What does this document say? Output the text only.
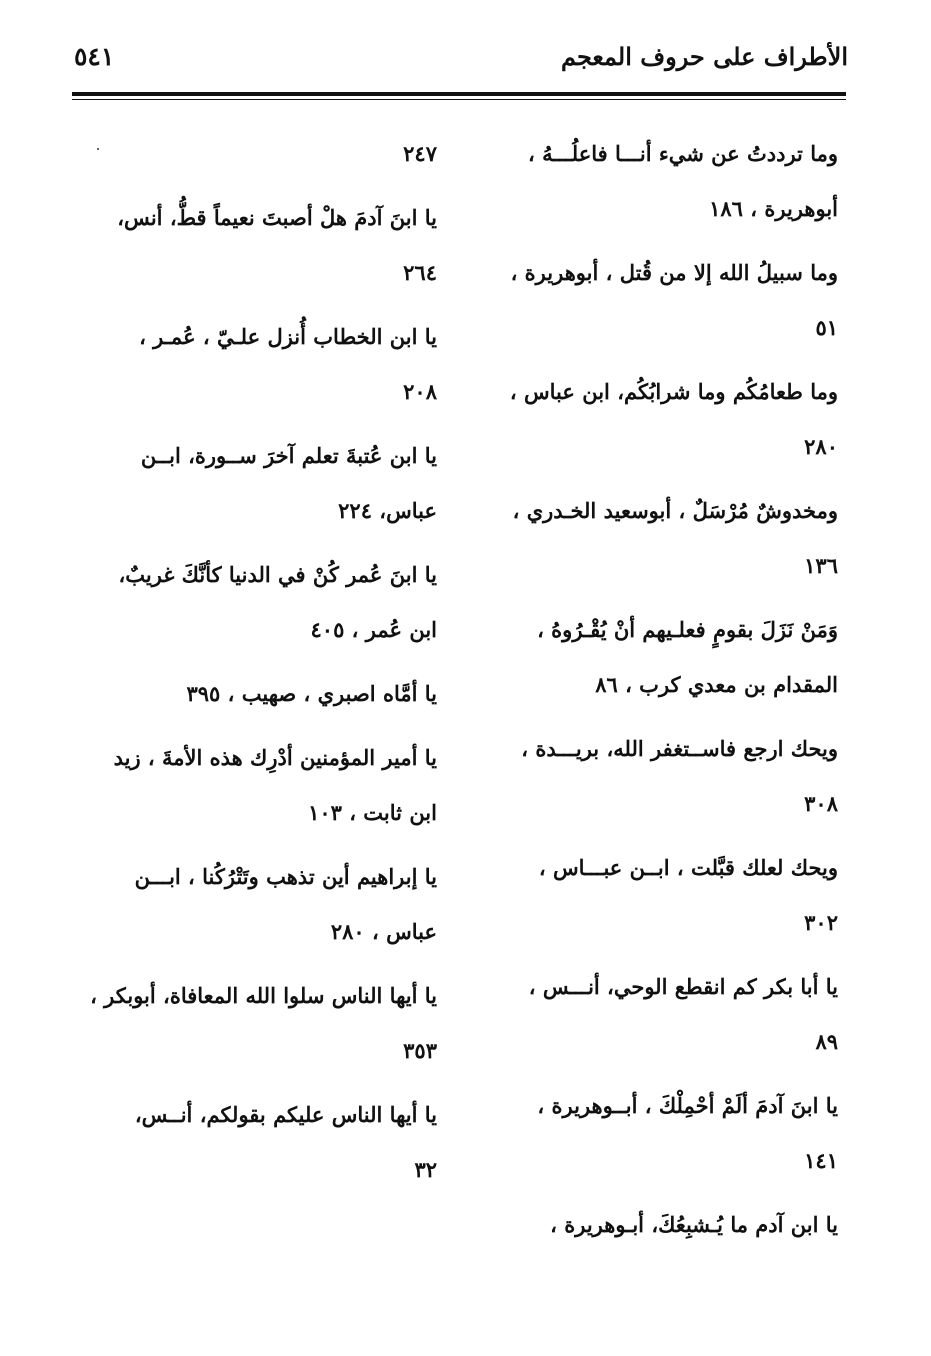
الأطراف على حروف المعجم
٥٤١
وما ترددتُ عن شيء أنـــا فاعلُـــهُ ،
أبوهريرة ، ١٨٦
وما سبيلُ الله إلا من قُتل ، أبوهريرة ،
٥١
وما طعامُكُم وما شرابُكُم، ابن عباس ،
٢٨٠
ومخدوشٌ مُرْسَلٌ ، أبوسعيد الخـدري ،
١٣٦
وَمَنْ نَزَلَ بقومٍ فعلـيهم أنْ يُقْـرُوهُ ،
المقدام بن معدي كرب ، ٨٦
ويحك ارجع فاســتغفر الله، بريـــدة ،
٣٠٨
ويحك لعلك قبَّلت ، ابــن عبـــاس ،
٣٠٢
يا أبا بكر كم انقطع الوحي، أنـــس ،
٨٩
يا ابنَ آدمَ ألَمْ أحْمِلْكَ ، أبــوهريرة ،
١٤١
يا ابن آدم ما يُـشبِعُكَ، أبـوهريرة ،
٢٤٧
يا ابنَ آدمَ هلْ أصبتَ نعيماً قطُّ، أنس،
٢٦٤
يا ابن الخطاب أُنزل علـيّ ، عُمـر ،
٢٠٨
يا ابن عُتبةَ تعلم آخرَ ســورة، ابــن
عباس، ٢٢٤
يا ابنَ عُمر كُنْ في الدنيا كأنَّكَ غريبٌ،
ابن عُمر ، ٤٠٥
يا أمَّاه اصبري ، صهيب ، ٣٩٥
يا أمير المؤمنين أدْرِك هذه الأمةَ ، زيد
ابن ثابت ، ١٠٣
يا إبراهيم أين تذهب وتَتْرُكُنا ، ابـــن
عباس ، ٢٨٠
يا أيها الناس سلوا الله المعافاة، أبوبكر ،
٣٥٣
يا أيها الناس عليكم بقولكم، أنــس،
٣٢
